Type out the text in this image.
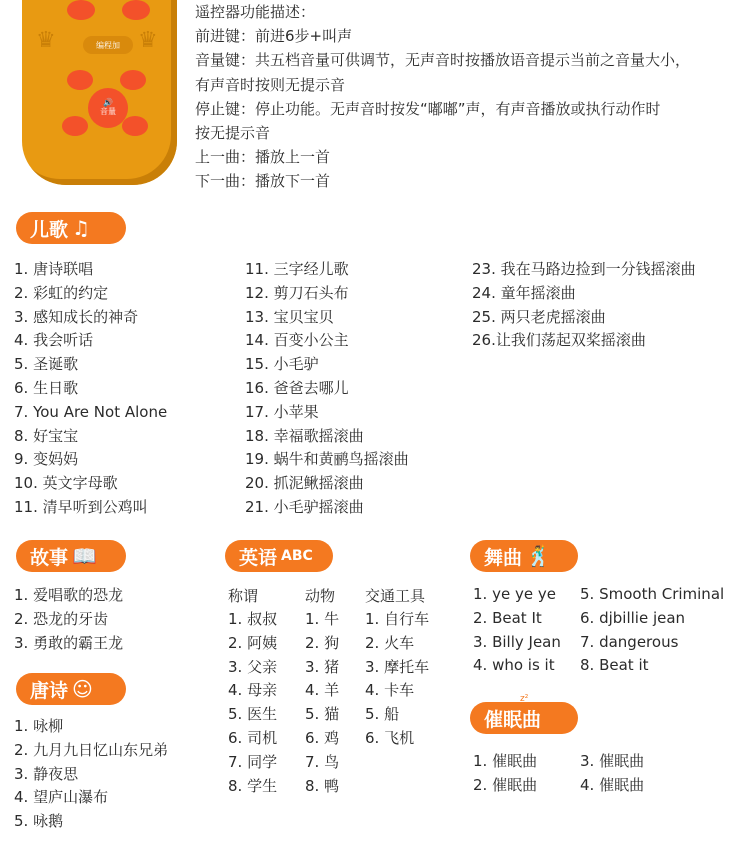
♛	♛
编程加
🔊
音量
遥控器功能描述：
前进键：前进6步+叫声
音量键：共五档音量可供调节，无声音时按播放语音提示当前之音量大小，
有声音时按则无提示音
停止键：停止功能。无声音时按发“嘟嘟”声，有声音播放或执行动作时
按无提示音
上一曲：播放上一首
下一曲：播放下一首
儿歌 ♫
1. 唐诗联唱
2. 彩虹的约定
3. 感知成长的神奇
4. 我会听话
5. 圣诞歌
6. 生日歌
7. You Are Not Alone
8. 好宝宝
9. 变妈妈
10. 英文字母歌
11. 清早听到公鸡叫
11. 三字经儿歌
12. 剪刀石头布
13. 宝贝宝贝
14. 百变小公主
15. 小毛驴
16. 爸爸去哪儿
17. 小苹果
18. 幸福歌摇滚曲
19. 蜗牛和黄鹂鸟摇滚曲
20. 抓泥鳅摇滚曲
21. 小毛驴摇滚曲
23. 我在马路边捡到一分钱摇滚曲
24. 童年摇滚曲
25. 两只老虎摇滚曲
26.让我们荡起双桨摇滚曲
故事 📖
1. 爱唱歌的恐龙
2. 恐龙的牙齿
3. 勇敢的霸王龙
唐诗 ☺
1. 咏柳
2. 九月九日忆山东兄弟
3. 静夜思
4. 望庐山瀑布
5. 咏鹅
英语 ABC
称谓	动物 交通工具
1. 叔叔
2. 阿姨
3. 父亲
4. 母亲
5. 医生
6. 司机
7. 同学
8. 学生
1. 牛
2. 狗
3. 猪
4. 羊
5. 猫
6. 鸡
7. 鸟
8. 鸭
1. 自行车
2. 火车
3. 摩托车
4. 卡车
5. 船
6. 飞机
舞曲 🕺
1. ye ye ye
2. Beat It
3. Billy Jean
4. who is it
5. Smooth Criminal
6. djbillie jean
7. dangerous
8. Beat it
催眠曲
z²
1. 催眠曲
2. 催眠曲
3. 催眠曲
4. 催眠曲
